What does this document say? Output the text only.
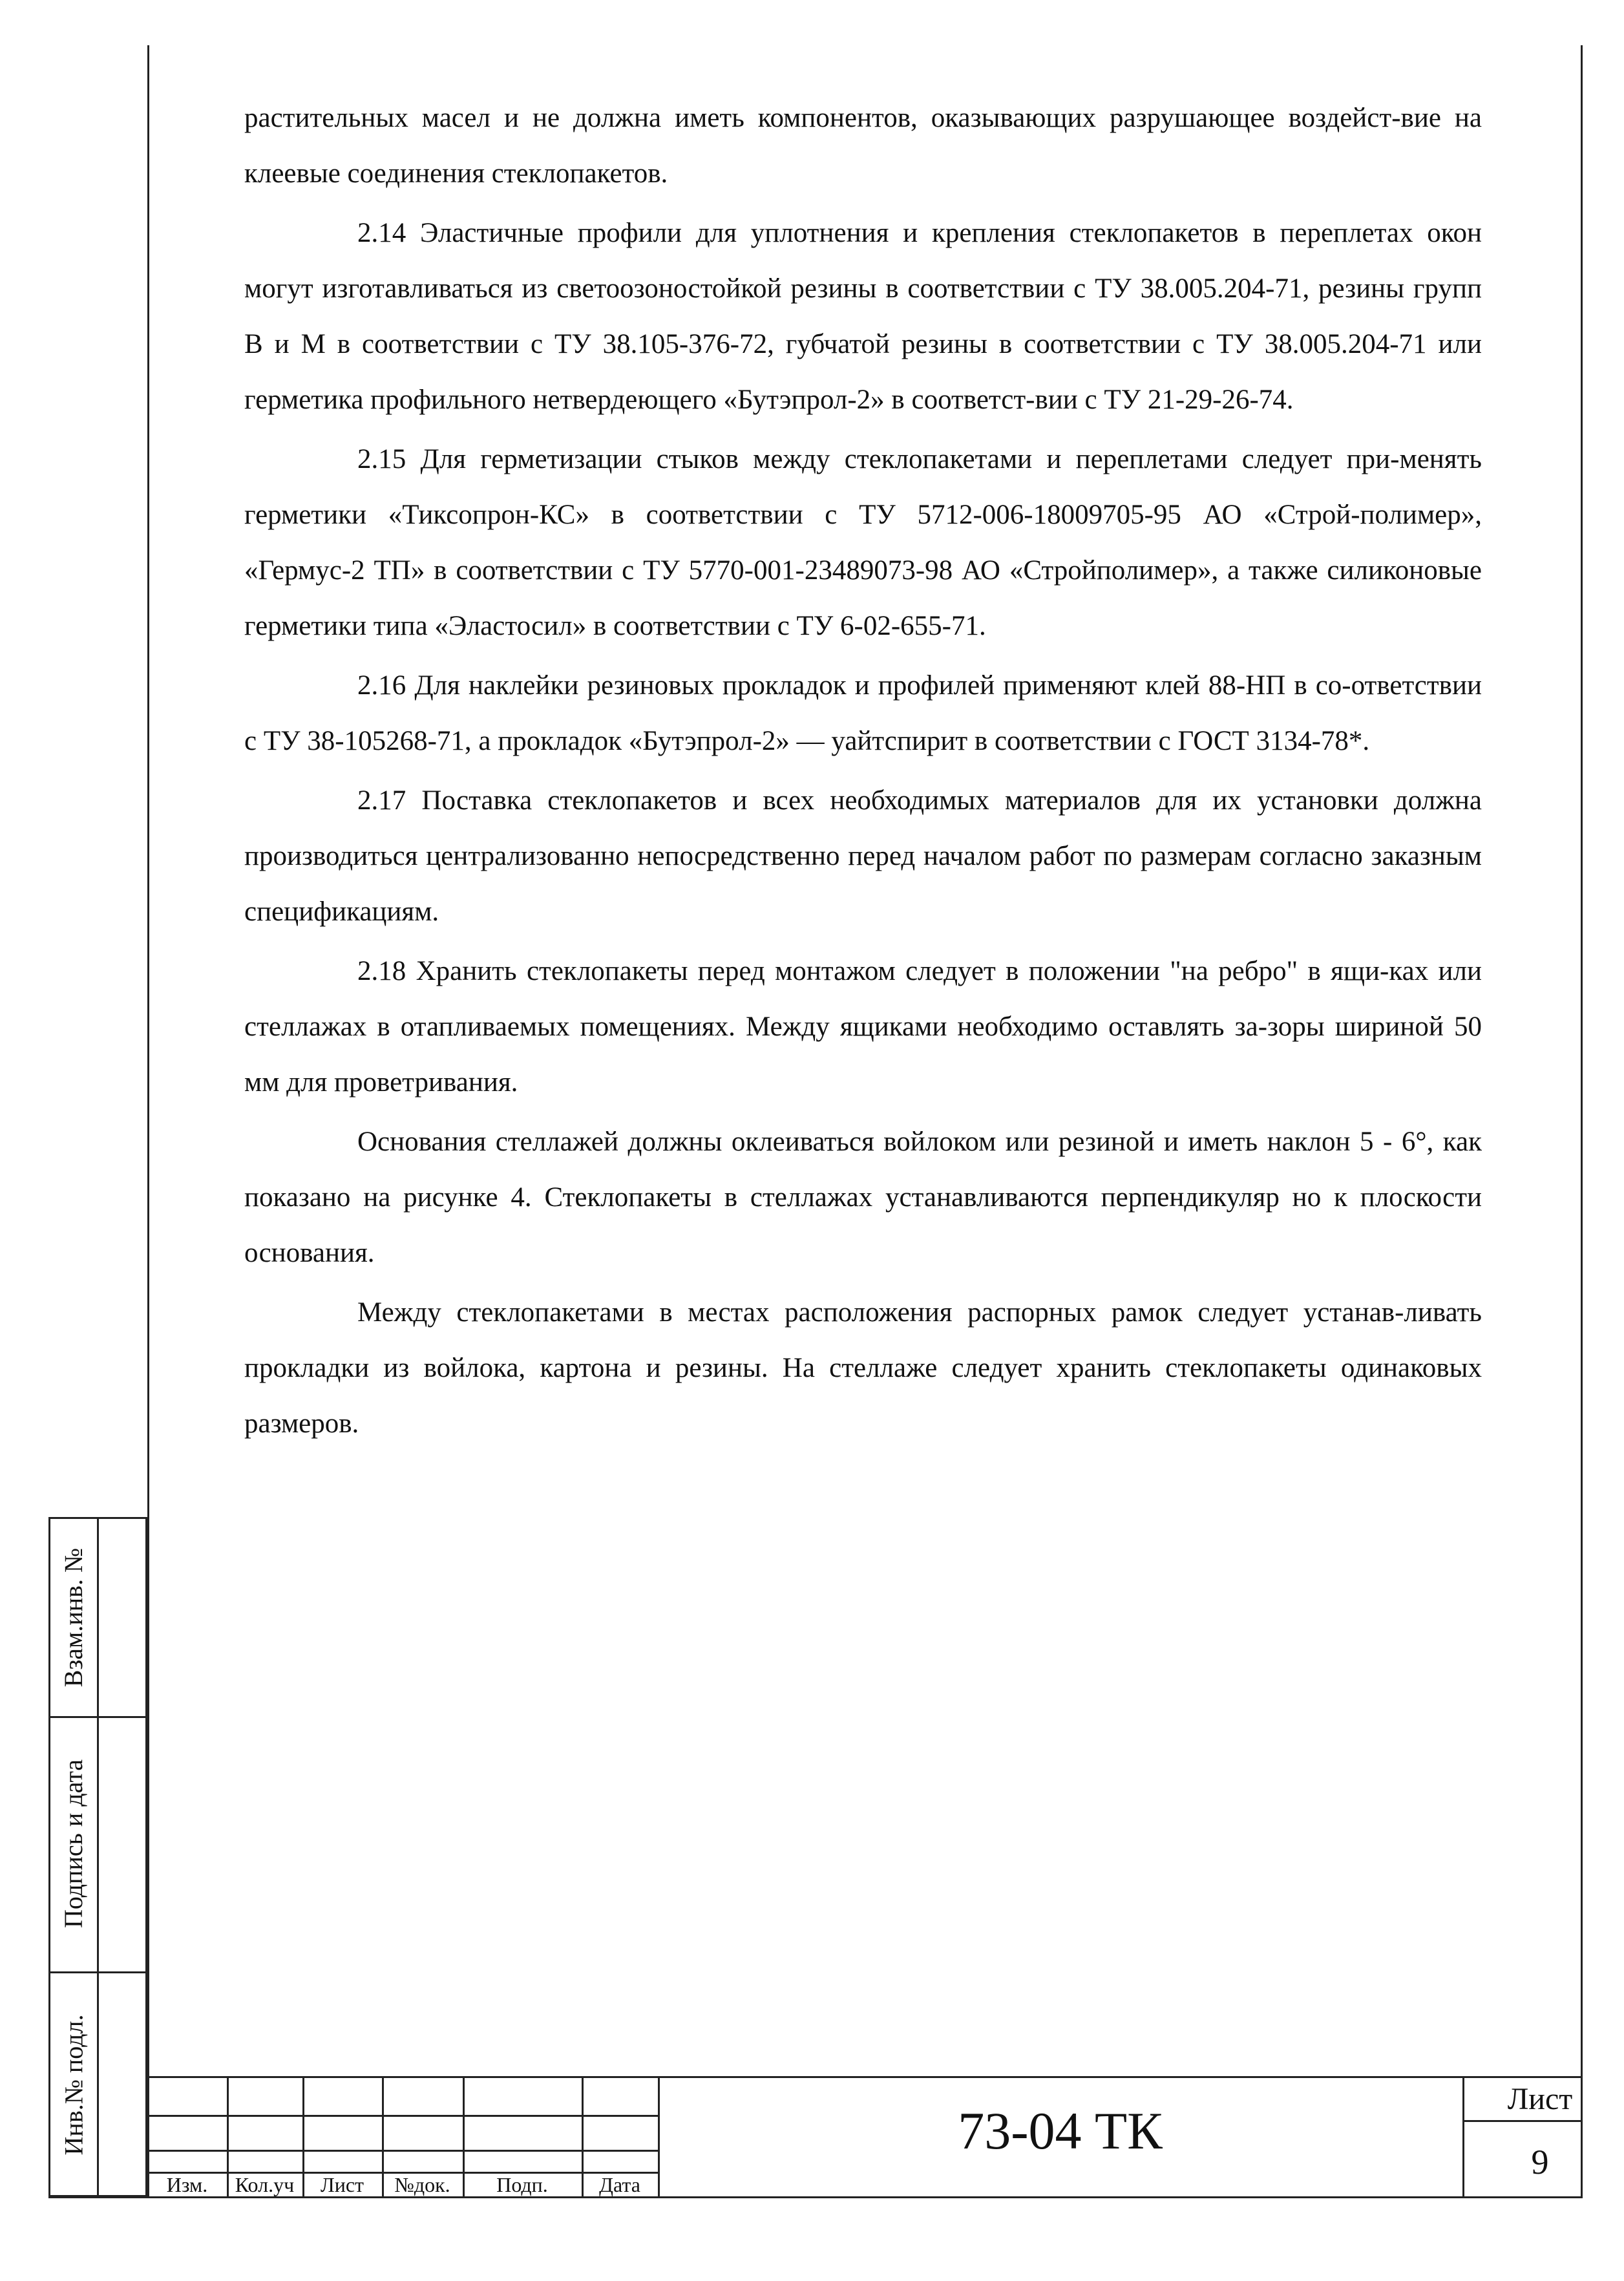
растительных масел и не должна иметь компонентов, оказывающих разрушающее воздейст-вие на клеевые соединения стеклопакетов.

2.14 Эластичные профили для уплотнения и крепления стеклопакетов в переплетах окон могут изготавливаться из светоозоностойкой резины в соответствии с ТУ 38.005.204-71, резины групп В и М в соответствии с ТУ 38.105-376-72, губчатой резины в соответствии с ТУ 38.005.204-71 или герметика профильного нетвердеющего «Бутэпрол-2» в соответст-вии с ТУ 21-29-26-74.

2.15 Для герметизации стыков между стеклопакетами и переплетами следует при-менять герметики «Тиксопрон-КС» в соответствии с ТУ 5712-006-18009705-95 АО «Строй-полимер», «Гермус-2 ТП» в соответствии с ТУ 5770-001-23489073-98 АО «Стройполимер», а также силиконовые герметики типа «Эластосил» в соответствии с ТУ 6-02-655-71.

2.16 Для наклейки резиновых прокладок и профилей применяют клей 88-НП в со-ответствии с ТУ 38-105268-71, а прокладок «Бутэпрол-2» — уайтспирит в соответствии с ГОСТ 3134-78*.

2.17 Поставка стеклопакетов и всех необходимых материалов для их установки должна производиться централизованно непосредственно перед началом работ по размерам согласно заказным спецификациям.

2.18 Хранить стеклопакеты перед монтажом следует в положении "на ребро" в ящи-ках или стеллажах в отапливаемых помещениях. Между ящиками необходимо оставлять за-зоры шириной 50 мм для проветривания.

Основания стеллажей должны оклеиваться войлоком или резиной и иметь наклон 5 - 6°, как показано на рисунке 4. Стеклопакеты в стеллажах устанавливаются перпендикуляр но к плоскости основания.

Между стеклопакетами в местах расположения распорных рамок следует устанав-ливать прокладки из войлока, картона и резины. На стеллаже следует хранить стеклопакеты одинаковых размеров.

Взам.инв. №
Подпись и дата
Инв.№ подл.
Изм.	Кол.уч	Лист	№док.	Подп.	Дата
73-04 ТК
Лист
9
